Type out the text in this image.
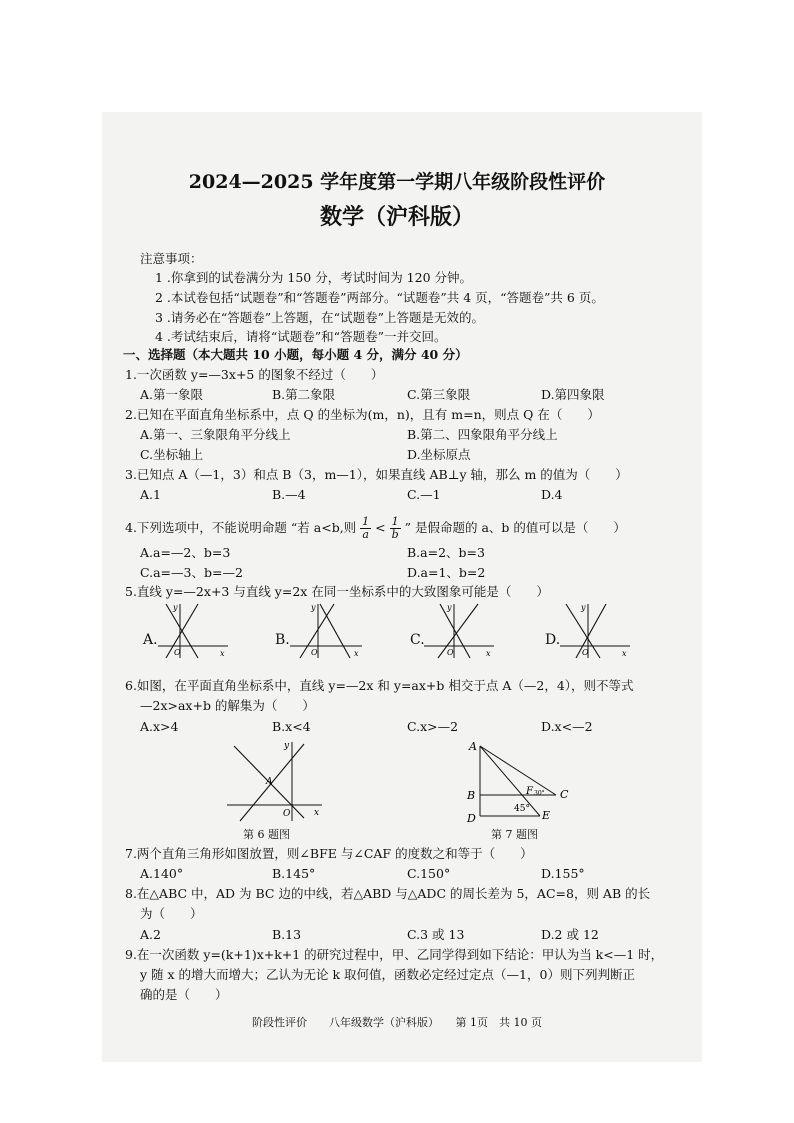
2024—2025 学年度第一学期八年级阶段性评价
数学（沪科版）
注意事项：
1 .你拿到的试卷满分为 150 分，考试时间为 120 分钟。
2 .本试卷包括“试题卷”和“答题卷”两部分。“试题卷”共 4 页，“答题卷”共 6 页。
3 .请务必在“答题卷”上答题，在“试题卷”上答题是无效的。
4 .考试结束后，请将“试题卷”和“答题卷”一并交回。
一、选择题（本大题共 10 小题，每小题 4 分，满分 40 分）
1.一次函数 y=—3x+5 的图象不经过（　　）
A.第一象限	B.第二象限	C.第三象限	D.第四象限
2.已知在平面直角坐标系中，点 Q 的坐标为(m，n)，且有 m=n，则点 Q 在（　　）
A.第一、三象限角平分线上	B.第二、四象限角平分线上
C.坐标轴上	D.坐标原点
3.已知点 A（—1，3）和点 B（3，m—1），如果直线 AB⊥y 轴，那么 m 的值为（　　）
A.1	B.—4	C.—1	D.4
4.下列选项中，不能说明命题 “若 a<b,则 $\frac{1}{a} < \frac{1}{b}$ ” 是假命题的 a、b 的值可以是（　　）
A.a=—2、b=3	B.a=2、b=3
C.a=—3、b=—2	D.a=1、b=2
5.直线 y=—2x+3 与直线 y=2x 在同一坐标系中的大致图象可能是（　　）
A.
y
x
O
B.
y
x
O
C.
y
x
O
D.
y
x
O
6.如图，在平面直角坐标系中，直线 y=—2x 和 y=ax+b 相交于点 A（—2，4），则不等式
—2x>ax+b 的解集为（　　）
A.x>4	B.x<4	C.x>—2	D.x<—2
y
x
O
A
第 6 题图
A
B	C
D	E
F 30°
45°
第 7 题图
7.两个直角三角形如图放置，则∠BFE 与∠CAF 的度数之和等于（　　）
A.140°	B.145°	C.150°	D.155°
8.在△ABC 中，AD 为 BC 边的中线，若△ABD 与△ADC 的周长差为 5，AC=8，则 AB 的长
为（　　）
A.2	B.13	C.3 或 13	D.2 或 12
9.在一次函数 y=(k+1)x+k+1 的研究过程中，甲、乙同学得到如下结论：甲认为当 k<—1 时，
y 随 x 的增大而增大；乙认为无论 k 取何值，函数必定经过定点（—1，0）则下列判断正
确的是（　　）
阶段性评价　　八年级数学（沪科版）　　第 1页　共 10 页
